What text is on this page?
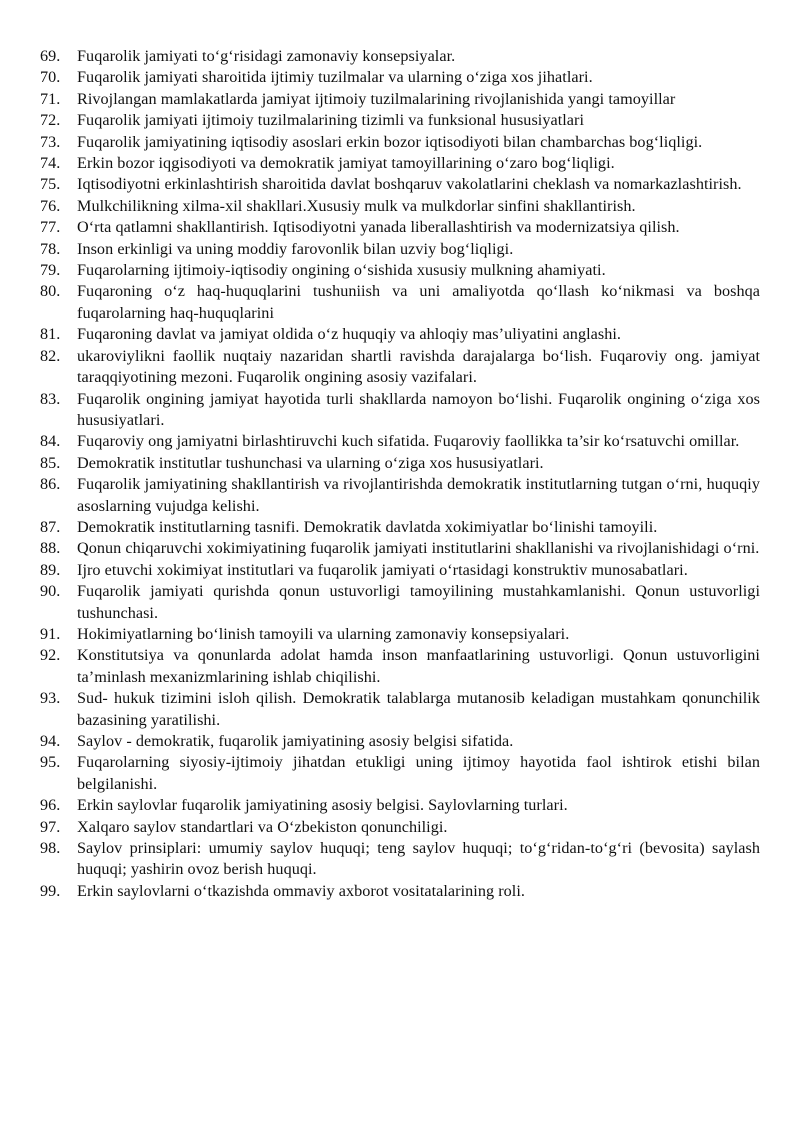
69.	Fuqarolik jamiyati to‘g‘risidagi zamonaviy konsepsiyalar.
70.	Fuqarolik jamiyati sharoitida ijtimiy tuzilmalar va ularning o‘ziga xos jihatlari.
71.	Rivojlangan mamlakatlarda jamiyat ijtimoiy tuzilmalarining rivojlanishida yangi tamoyillar
72.	Fuqarolik jamiyati ijtimoiy tuzilmalarining tizimli va funksional hususiyatlari
73.	Fuqarolik jamiyatining iqtisodiy asoslari erkin bozor iqtisodiyoti bilan chambarchas bog‘liqligi.
74.	Erkin bozor iqgisodiyoti va demokratik jamiyat tamoyillarining o‘zaro bog‘liqligi.
75.	Iqtisodiyotni erkinlashtirish sharoitida davlat boshqaruv vakolatlarini cheklash va nomarkazlashtirish.
76.	Mulkchilikning xilma-xil shakllari.Xususiy mulk va mulkdorlar sinfini shakllantirish.
77.	O‘rta qatlamni shakllantirish. Iqtisodiyotni yanada liberallashtirish va modernizatsiya qilish.
78.	Inson erkinligi va uning moddiy farovonlik bilan uzviy bog‘liqligi.
79.	Fuqarolarning ijtimoiy-iqtisodiy ongining o‘sishida xususiy mulkning ahamiyati.
80.	Fuqaroning o‘z haq-huquqlarini tushuniish va uni amaliyotda qo‘llash ko‘nikmasi va boshqa fuqarolarning haq-huquqlarini
81.	Fuqaroning davlat va jamiyat oldida o‘z huquqiy va ahloqiy mas’uliyatini anglashi.
82.	ukaroviylikni faollik nuqtaiy nazaridan shartli ravishda darajalarga bo‘lish. Fuqaroviy ong. jamiyat taraqqiyotining mezoni. Fuqarolik ongining asosiy vazifalari.
83.	Fuqarolik ongining jamiyat hayotida turli shakllarda namoyon bo‘lishi. Fuqarolik ongining o‘ziga xos hususiyatlari.
84.	Fuqaroviy ong jamiyatni birlashtiruvchi kuch sifatida. Fuqaroviy faollikka ta’sir ko‘rsatuvchi omillar.
85.	Demokratik institutlar tushunchasi va ularning o‘ziga xos hususiyatlari.
86.	Fuqarolik jamiyatining shakllantirish va rivojlantirishda demokratik institutlarning tutgan o‘rni, huquqiy asoslarning vujudga kelishi.
87.	Demokratik institutlarning tasnifi. Demokratik davlatda xokimiyatlar bo‘linishi tamoyili.
88.	Qonun chiqaruvchi xokimiyatining fuqarolik jamiyati institutlarini shakllanishi va rivojlanishidagi o‘rni.
89.	Ijro etuvchi xokimiyat institutlari va fuqarolik jamiyati o‘rtasidagi konstruktiv munosabatlari.
90.	Fuqarolik jamiyati qurishda qonun ustuvorligi tamoyilining mustahkamlanishi. Qonun ustuvorligi tushunchasi.
91.	Hokimiyatlarning bo‘linish tamoyili va ularning zamonaviy konsepsiyalari.
92.	Konstitutsiya va qonunlarda adolat hamda inson manfaatlarining ustuvorligi. Qonun ustuvorligini ta’minlash mexanizmlarining ishlab chiqilishi.
93.	Sud- hukuk tizimini isloh qilish. Demokratik talablarga mutanosib keladigan mustahkam qonunchilik bazasining yaratilishi.
94.	Saylov - demokratik, fuqarolik jamiyatining asosiy belgisi sifatida.
95.	Fuqarolarning siyosiy-ijtimoiy jihatdan etukligi uning ijtimoy hayotida faol ishtirok etishi bilan belgilanishi.
96.	Erkin saylovlar fuqarolik jamiyatining asosiy belgisi. Saylovlarning turlari.
97.	Xalqaro saylov standartlari va O‘zbekiston qonunchiligi.
98.	Saylov prinsiplari: umumiy saylov huquqi; teng saylov huquqi; to‘g‘ridan-to‘g‘ri (bevosita) saylash huquqi; yashirin ovoz berish huquqi.
99.	Erkin saylovlarni o‘tkazishda ommaviy axborot vositatalarining roli.
